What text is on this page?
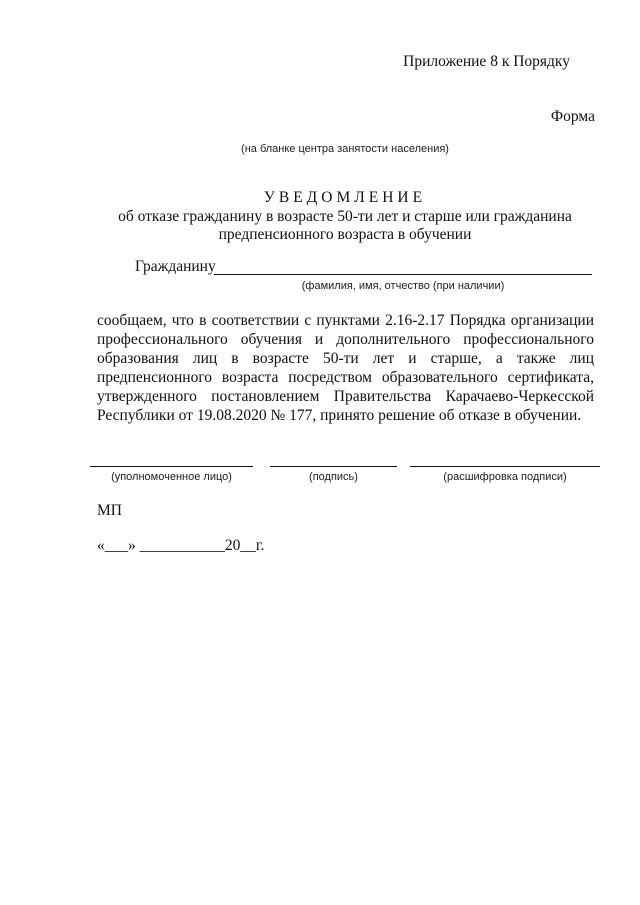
Приложение 8 к Порядку
Форма
(на бланке центра занятости населения)
УВЕДОМЛЕНИЕ
об отказе гражданину в возрасте 50-ти лет и старше или гражданина
предпенсионного возраста в обучении
Гражданину
(фамилия, имя, отчество (при наличии)
сообщаем, что в соответствии с пунктами 2.16-2.17 Порядка организации профессионального обучения и дополнительного профессионального образования лиц в возрасте 50-ти лет и старше, а также лиц предпенсионного возраста посредством образовательного сертификата, утвержденного постановлением Правительства Карачаево-Черкесской Республики от 19.08.2020 № 177, принято решение об отказе в обучении.
(уполномоченное лицо)	(подпись)	(расшифровка подписи)
МП
«___» ___________20__г.
